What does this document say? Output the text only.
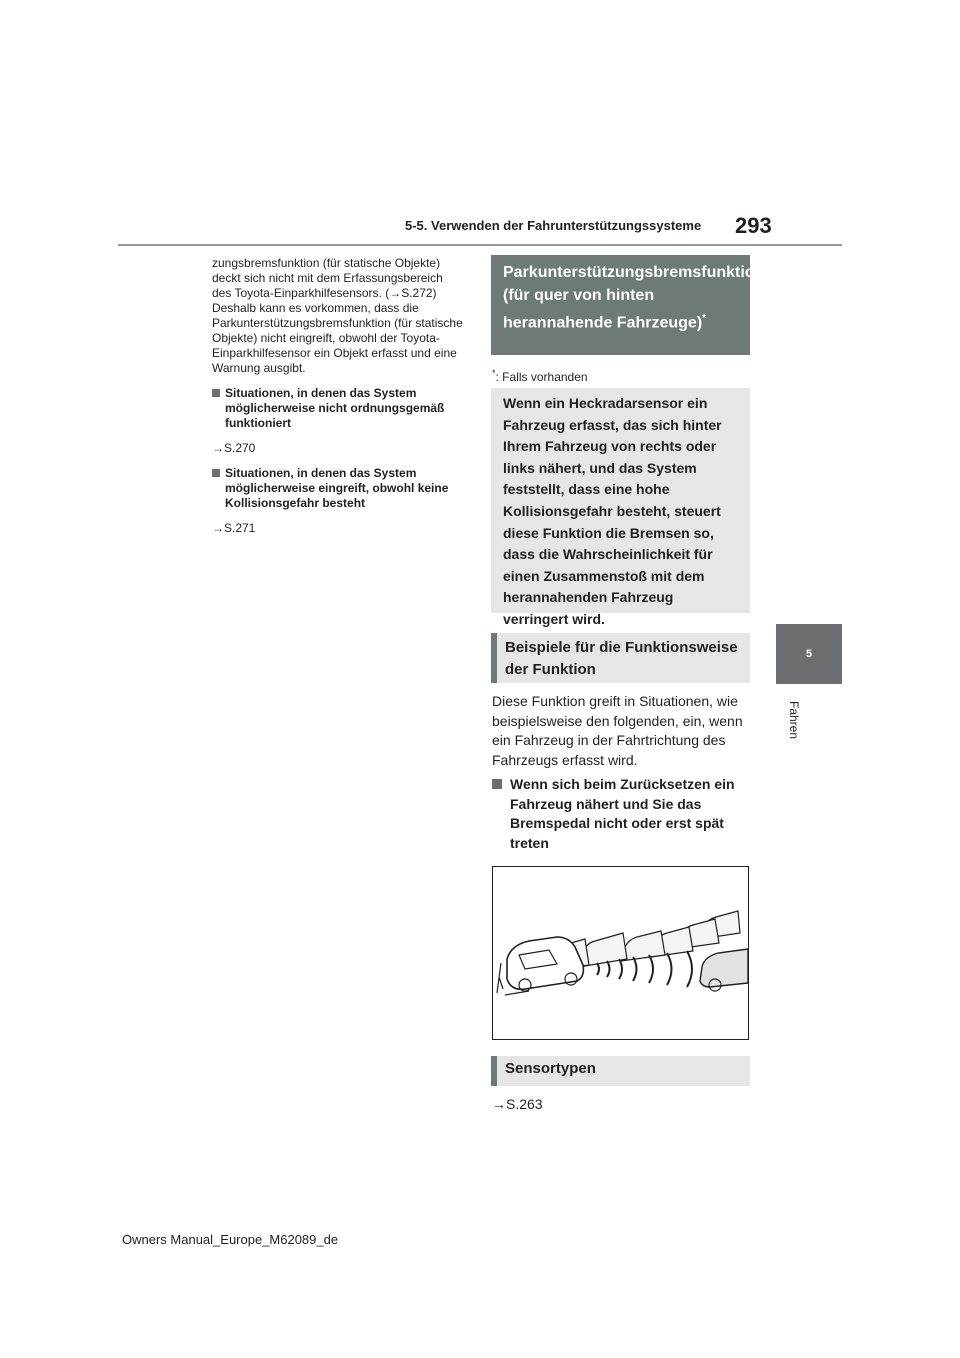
5-5. Verwenden der Fahrunterstützungssysteme 293
5
Fahren

zungsbremsfunktion (für statische Objekte) deckt sich nicht mit dem Erfassungsbereich des Toyota-Einparkhilfesensors. (→S.272) Deshalb kann es vorkommen, dass die Parkunterstützungsbremsfunktion (für statische Objekte) nicht eingreift, obwohl der Toyota-Einparkhilfesensor ein Objekt erfasst und eine Warnung ausgibt.

Situationen, in denen das System möglicherweise nicht ordnungsgemäß funktioniert
→S.270
Situationen, in denen das System möglicherweise eingreift, obwohl keine Kollisionsgefahr besteht
→S.271
Parkunterstützungsbremsfunktion (für quer von hinten herannahende Fahrzeuge)*
*: Falls vorhanden
Wenn ein Heckradarsensor ein Fahrzeug erfasst, das sich hinter Ihrem Fahrzeug von rechts oder links nähert, und das System feststellt, dass eine hohe Kollisionsgefahr besteht, steuert diese Funktion die Bremsen so, dass die Wahrscheinlichkeit für einen Zusammenstoß mit dem herannahenden Fahrzeug verringert wird.
Beispiele für die Funktionsweise der Funktion
Diese Funktion greift in Situationen, wie beispielsweise den folgenden, ein, wenn ein Fahrzeug in der Fahrtrichtung des Fahrzeugs erfasst wird.
Wenn sich beim Zurücksetzen ein Fahrzeug nähert und Sie das Bremspedal nicht oder erst spät treten
Sensortypen
→S.263
Owners Manual_Europe_M62089_de
